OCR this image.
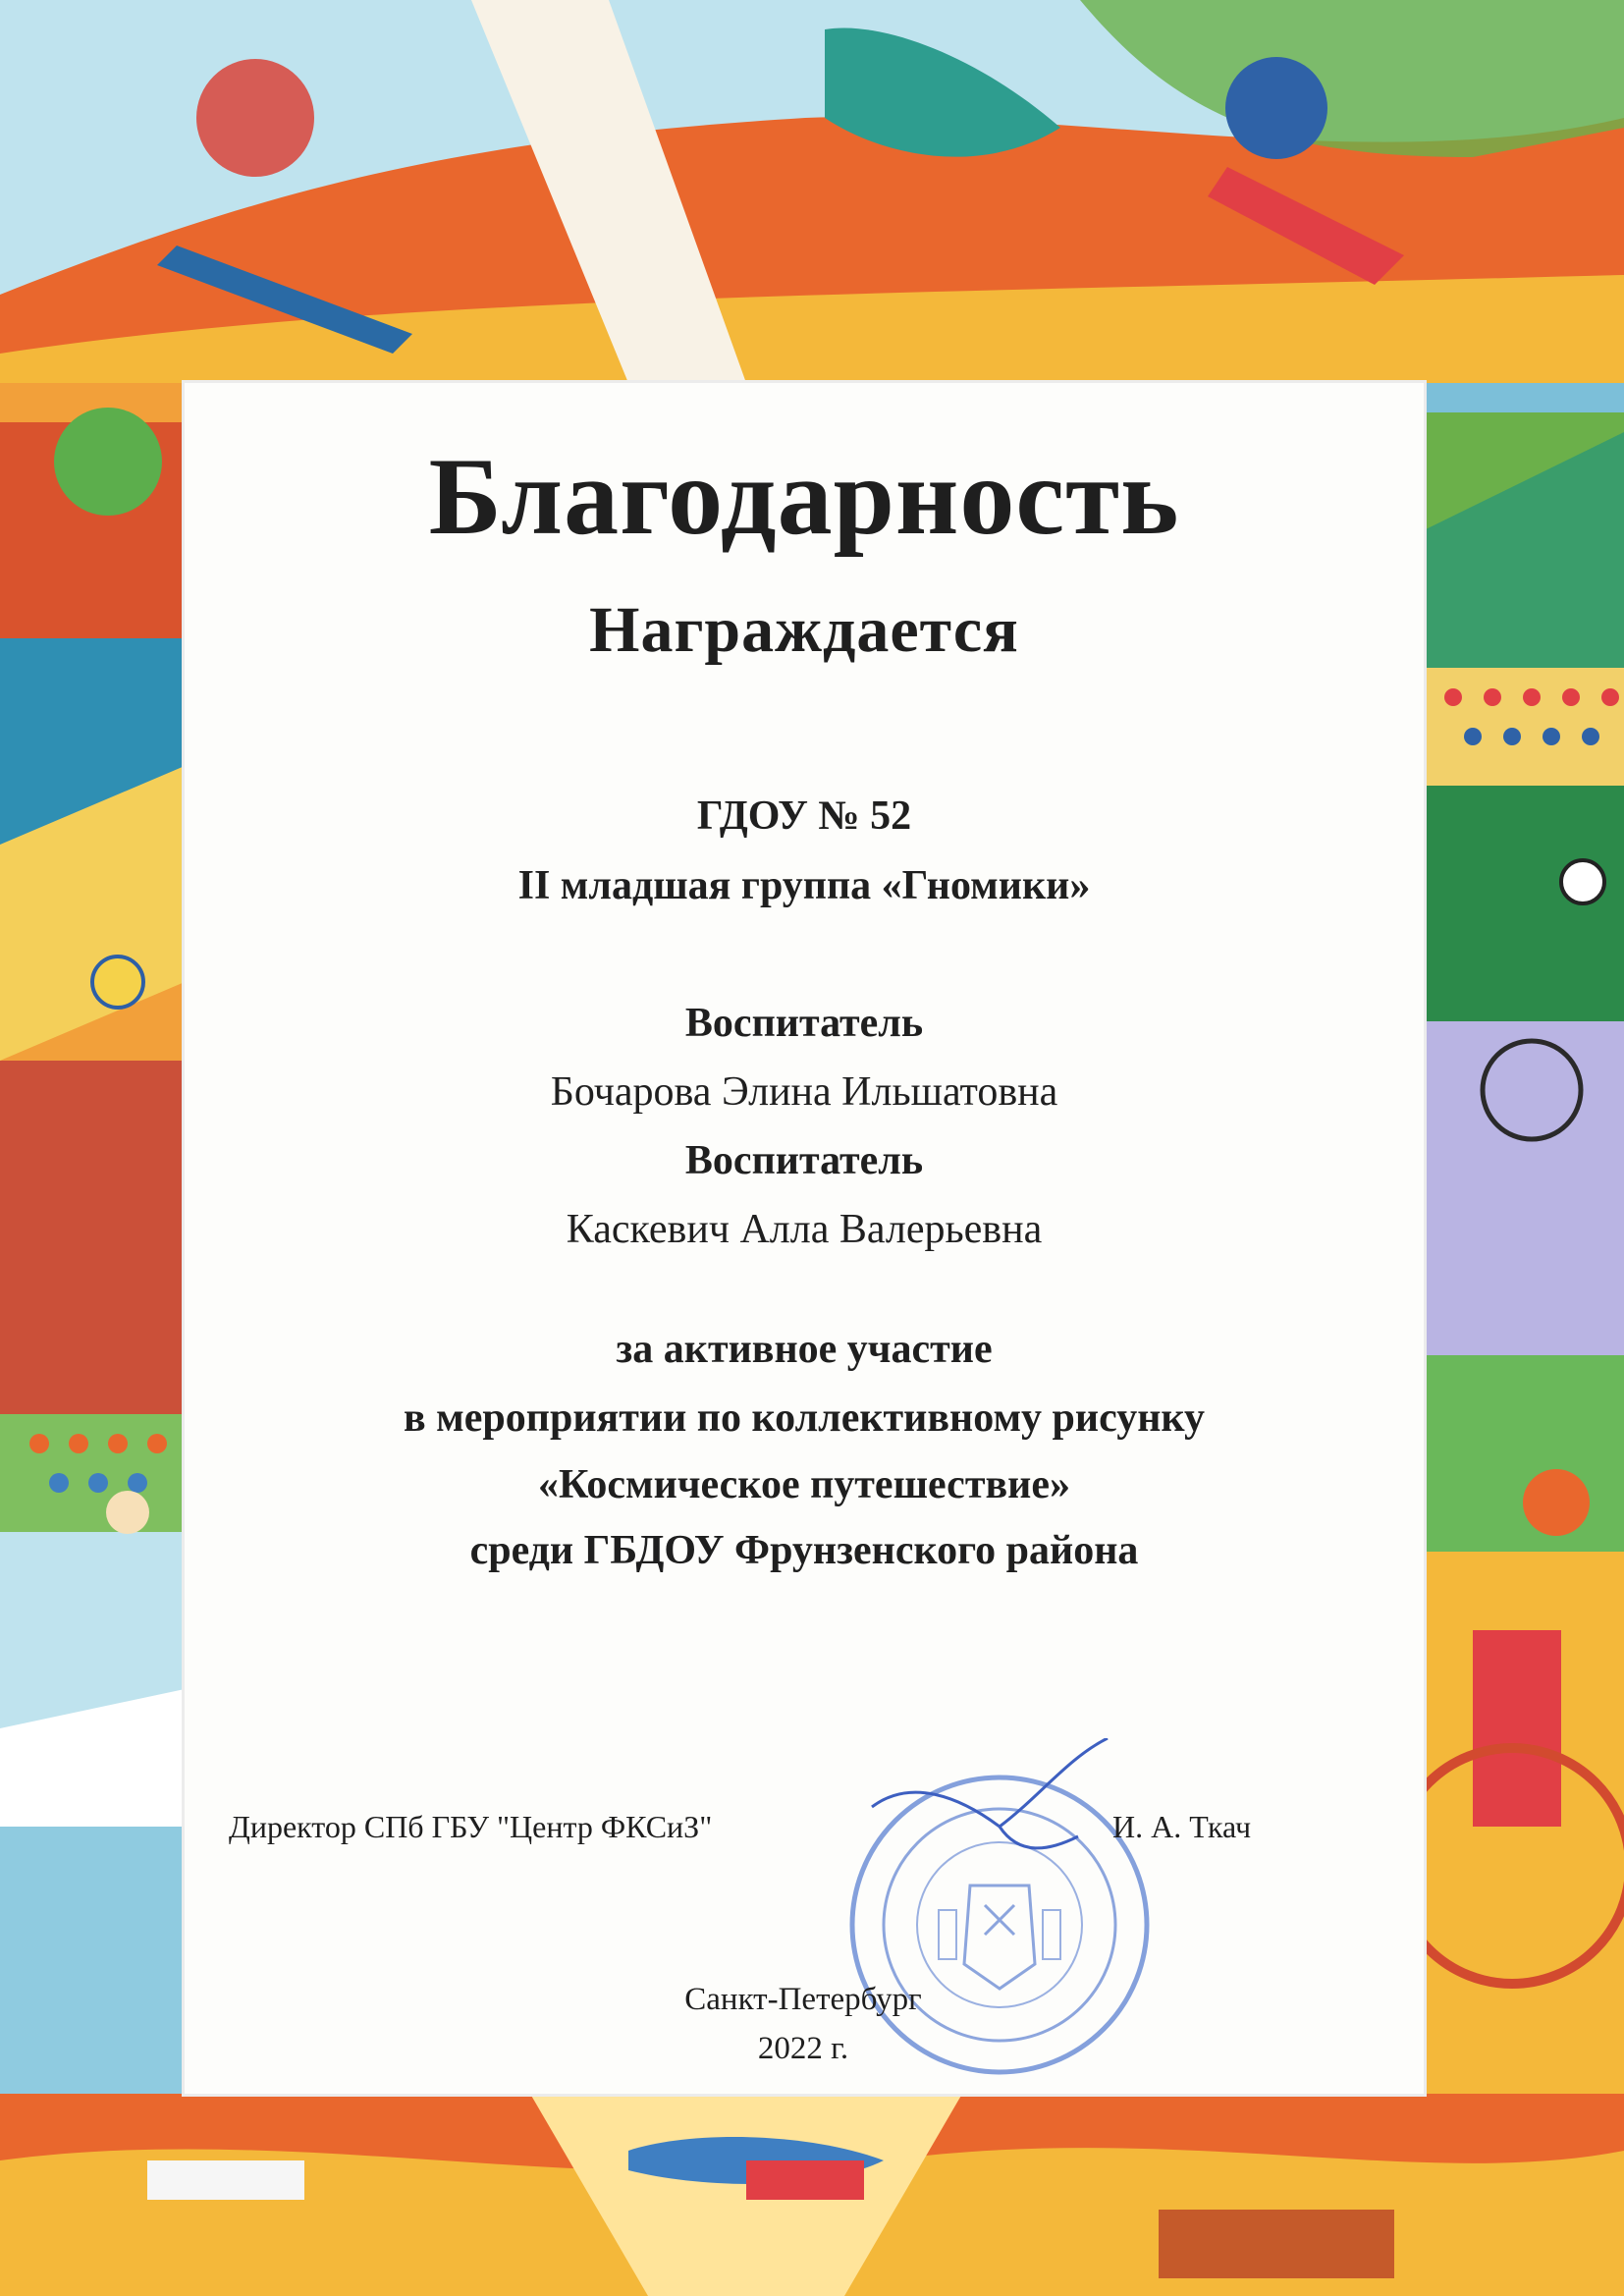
Благодарность
Награждается
ГДОУ № 52
II младшая группа «Гномики»
Воспитатель
Бочарова Элина Ильшатовна
Воспитатель
Каскевич Алла Валерьевна
за активное участие
в мероприятии по коллективному рисунку
«Космическое путешествие»
среди ГБДОУ Фрунзенского района
Директор СПб ГБУ "Центр ФКСиЗ"	И. А. Ткач
Санкт-Петербург
2022 г.
